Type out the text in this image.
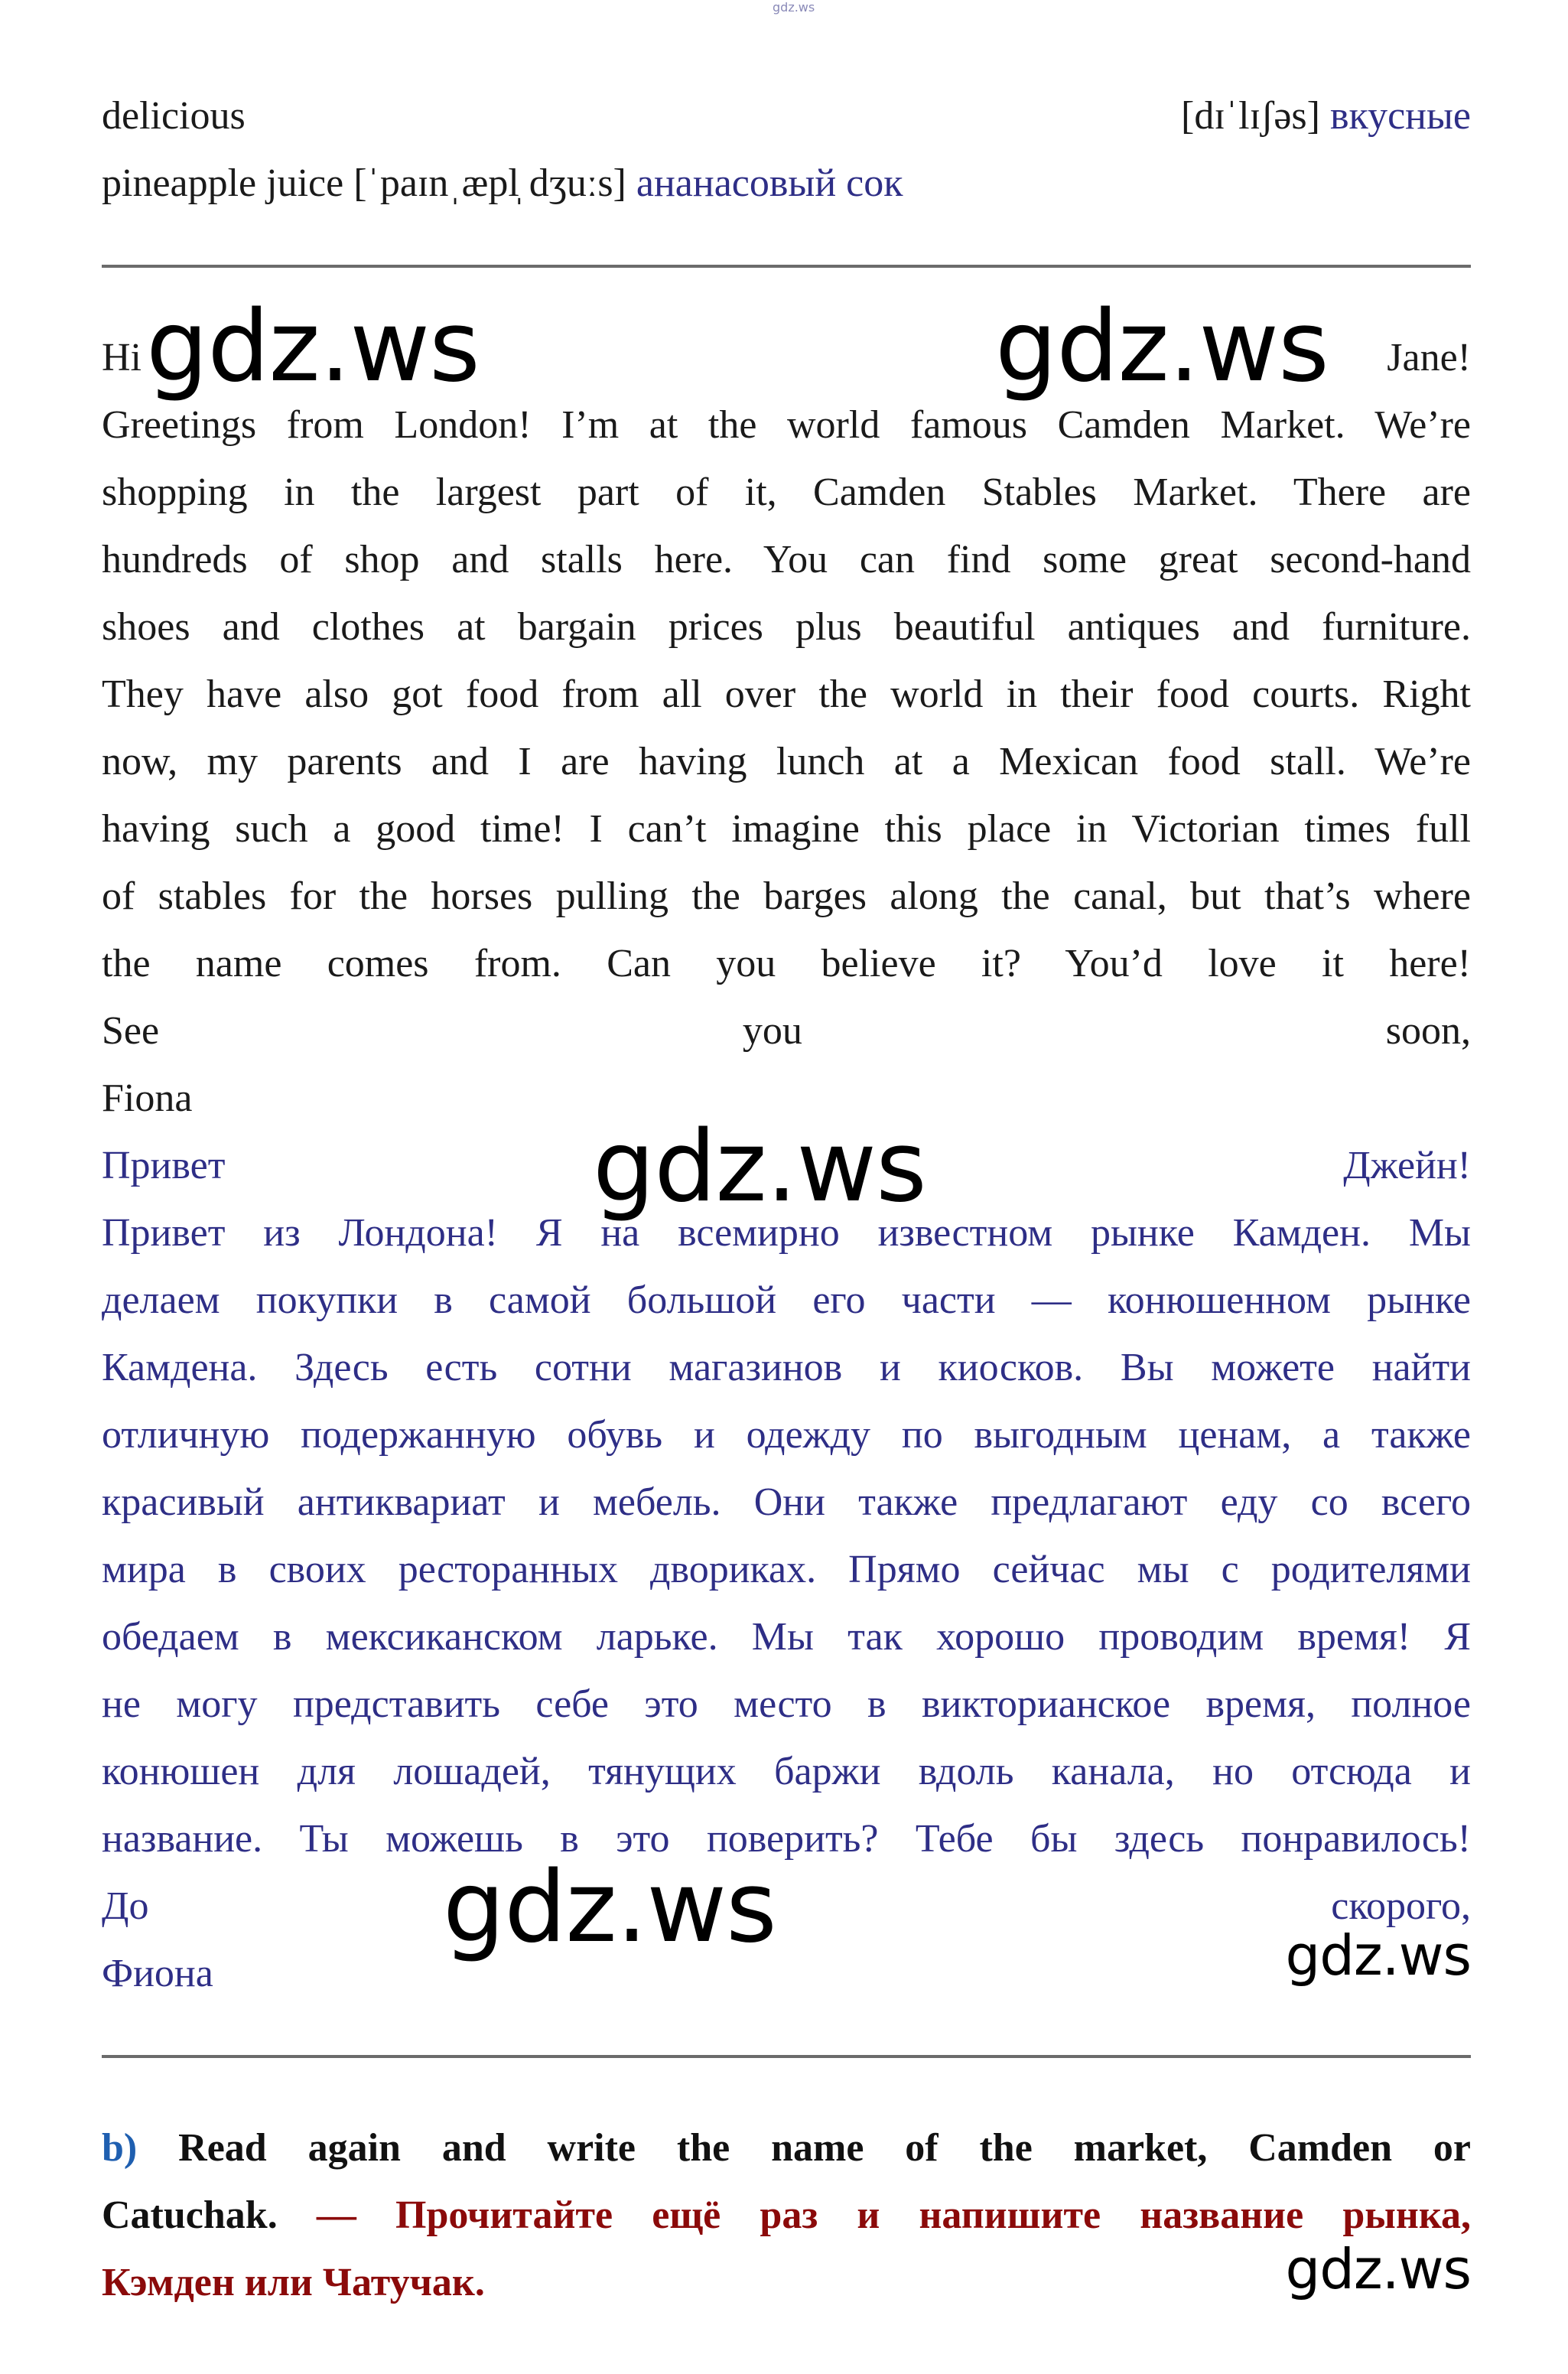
gdz.ws
delicious	[dɪˈlɪʃəs] вкусные
pineapple juice [ˈpaɪnˌæpl̩ dʒuːs] ананасовый сок
Hi	Jane!
Greetings from London! I’m at the world famous Camden Market. We’re
shopping in the largest part of it, Camden Stables Market. There are
hundreds of shop and stalls here. You can find some great second-hand
shoes and clothes at bargain prices plus beautiful antiques and furniture.
They have also got food from all over the world in their food courts. Right
now, my parents and I are having lunch at a Mexican food stall. We’re
having such a good time! I can’t imagine this place in Victorian times full
of stables for the horses pulling the barges along the canal, but that’s where
the name comes from. Can you believe it? You’d love it here!
See you soon,
Fiona
Привет	Джейн!
Привет из Лондона! Я на всемирно известном рынке Камден. Мы
делаем покупки в самой большой его части — конюшенном рынке
Камдена. Здесь есть сотни магазинов и киосков. Вы можете найти
отличную подержанную обувь и одежду по выгодным ценам, а также
красивый антиквариат и мебель. Они также предлагают еду со всего
мира в своих ресторанных двориках. Прямо сейчас мы с родителями
обедаем в мексиканском ларьке. Мы так хорошо проводим время! Я
не могу представить себе это место в викторианское время, полное
конюшен для лошадей, тянущих баржи вдоль канала, но отсюда и
название. Ты можешь в это поверить? Тебе бы здесь понравилось!
До	скорого,
Фиона
b) Read again and write the name of the market, Camden or
Catuchak. — Прочитайте ещё раз и напишите название рынка,
Кэмден или Чатучак.
gdz.ws	gdz.ws
gdz.ws
gdz.ws	gdz.ws
gdz.ws
